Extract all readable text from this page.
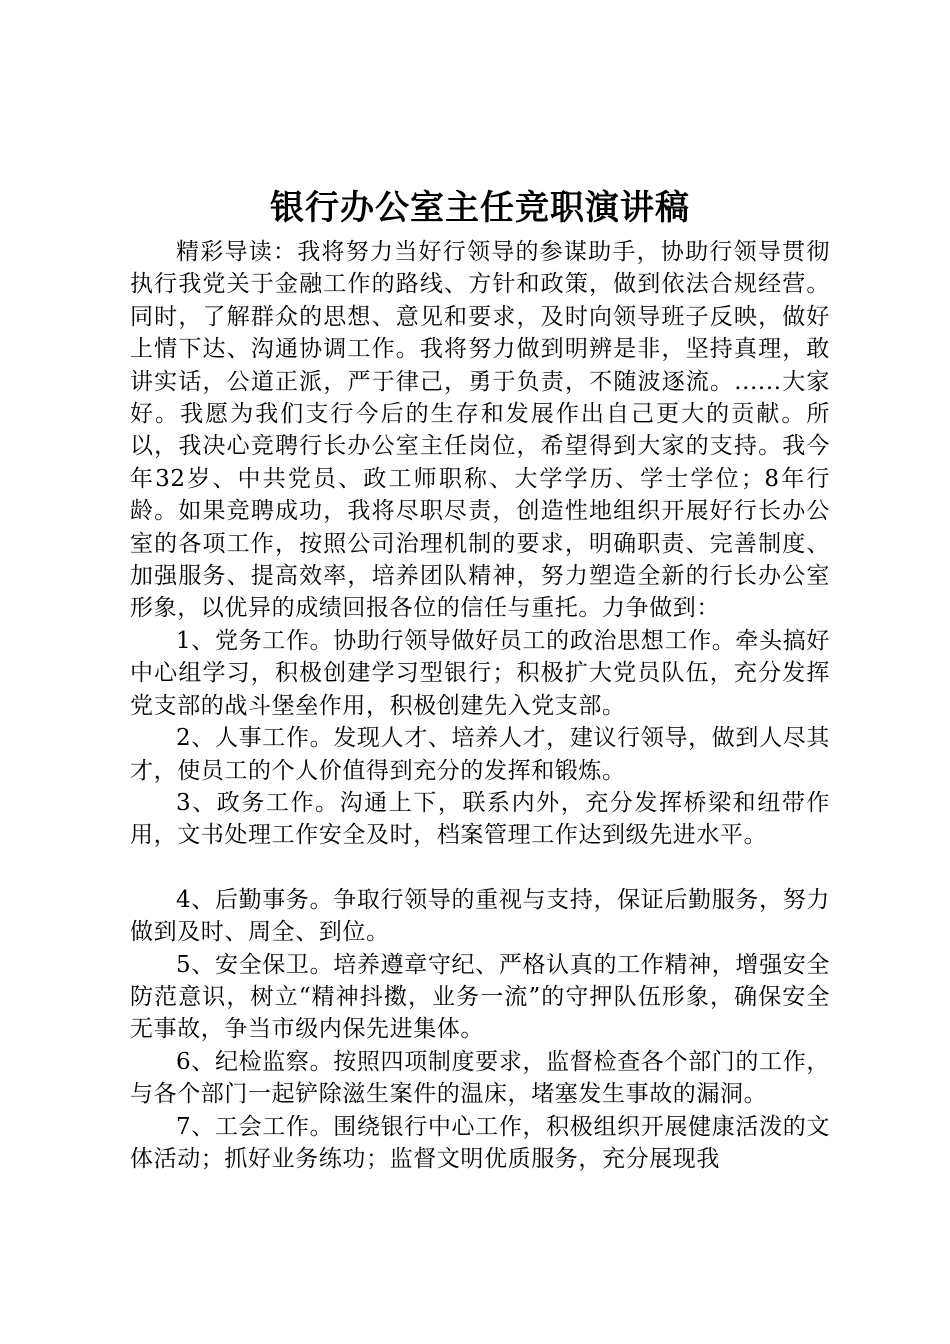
银行办公室主任竞职演讲稿

精彩导读：我将努力当好行领导的参谋助手，协助行领导贯彻执行我党关于金融工作的路线、方针和政策，做到依法合规经营。同时，了解群众的思想、意见和要求，及时向领导班子反映，做好上情下达、沟通协调工作。我将努力做到明辨是非，坚持真理，敢讲实话，公道正派，严于律己，勇于负责，不随波逐流。......大家好。我愿为我们支行今后的生存和发展作出自己更大的贡献。所以，我决心竞聘行长办公室主任岗位，希望得到大家的支持。我今年32岁、中共党员、政工师职称、大学学历、学士学位；8年行龄。如果竞聘成功，我将尽职尽责，创造性地组织开展好行长办公室的各项工作，按照公司治理机制的要求，明确职责、完善制度、加强服务、提高效率，培养团队精神，努力塑造全新的行长办公室形象，以优异的成绩回报各位的信任与重托。力争做到：

1、党务工作。协助行领导做好员工的政治思想工作。牵头搞好中心组学习，积极创建学习型银行；积极扩大党员队伍，充分发挥党支部的战斗堡垒作用，积极创建先入党支部。

2、人事工作。发现人才、培养人才，建议行领导，做到人尽其才，使员工的个人价值得到充分的发挥和锻炼。

3、政务工作。沟通上下，联系内外，充分发挥桥梁和纽带作用，文书处理工作安全及时，档案管理工作达到级先进水平。

4、后勤事务。争取行领导的重视与支持，保证后勤服务，努力做到及时、周全、到位。

5、安全保卫。培养遵章守纪、严格认真的工作精神，增强安全防范意识，树立“精神抖擞，业务一流”的守押队伍形象，确保安全无事故，争当市级内保先进集体。

6、纪检监察。按照四项制度要求，监督检查各个部门的工作，与各个部门一起铲除滋生案件的温床，堵塞发生事故的漏洞。

7、工会工作。围绕银行中心工作，积极组织开展健康活泼的文体活动；抓好业务练功；监督文明优质服务，充分展现我
